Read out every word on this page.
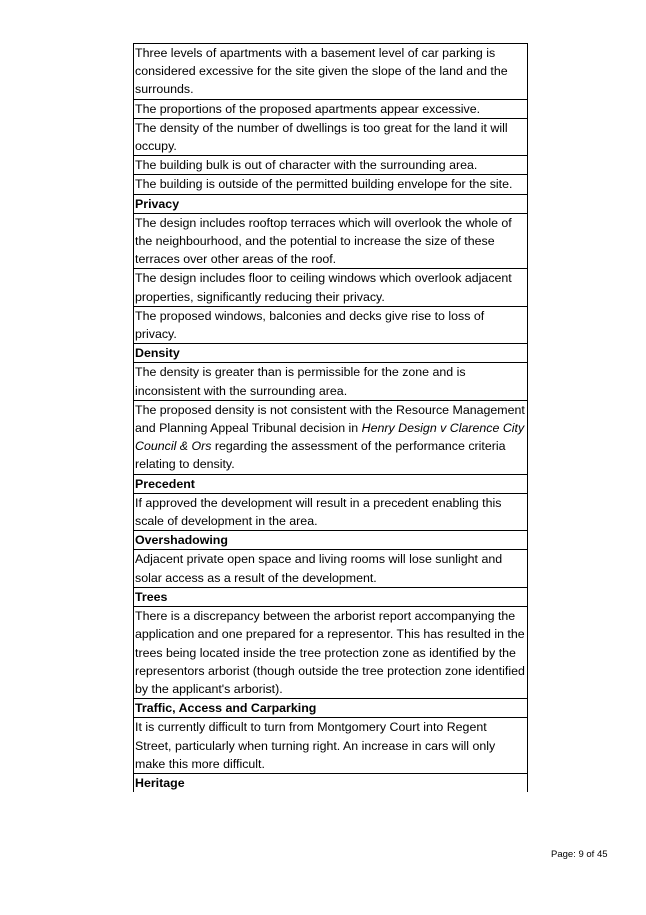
Three levels of apartments with a basement level of car parking is considered excessive for the site given the slope of the land and the surrounds.
The proportions of the proposed apartments appear excessive.
The density of the number of dwellings is too great for the land it will occupy.
The building bulk is out of character with the surrounding area.
The building is outside of the permitted building envelope for the site.
Privacy
The design includes rooftop terraces which will overlook the whole of the neighbourhood, and the potential to increase the size of these terraces over other areas of the roof.
The design includes floor to ceiling windows which overlook adjacent properties, significantly reducing their privacy.
The proposed windows, balconies and decks give rise to loss of privacy.
Density
The density is greater than is permissible for the zone and is inconsistent with the surrounding area.
The proposed density is not consistent with the Resource Management and Planning Appeal Tribunal decision in Henry Design v Clarence City Council & Ors regarding the assessment of the performance criteria relating to density.
Precedent
If approved the development will result in a precedent enabling this scale of development in the area.
Overshadowing
Adjacent private open space and living rooms will lose sunlight and solar access as a result of the development.
Trees
There is a discrepancy between the arborist report accompanying the application and one prepared for a representor. This has resulted in the trees being located inside the tree protection zone as identified by the representors arborist (though outside the tree protection zone identified by the applicant's arborist).
Traffic, Access and Carparking
It is currently difficult to turn from Montgomery Court into Regent Street, particularly when turning right. An increase in cars will only make this more difficult.
Heritage
Page: 9 of 45
